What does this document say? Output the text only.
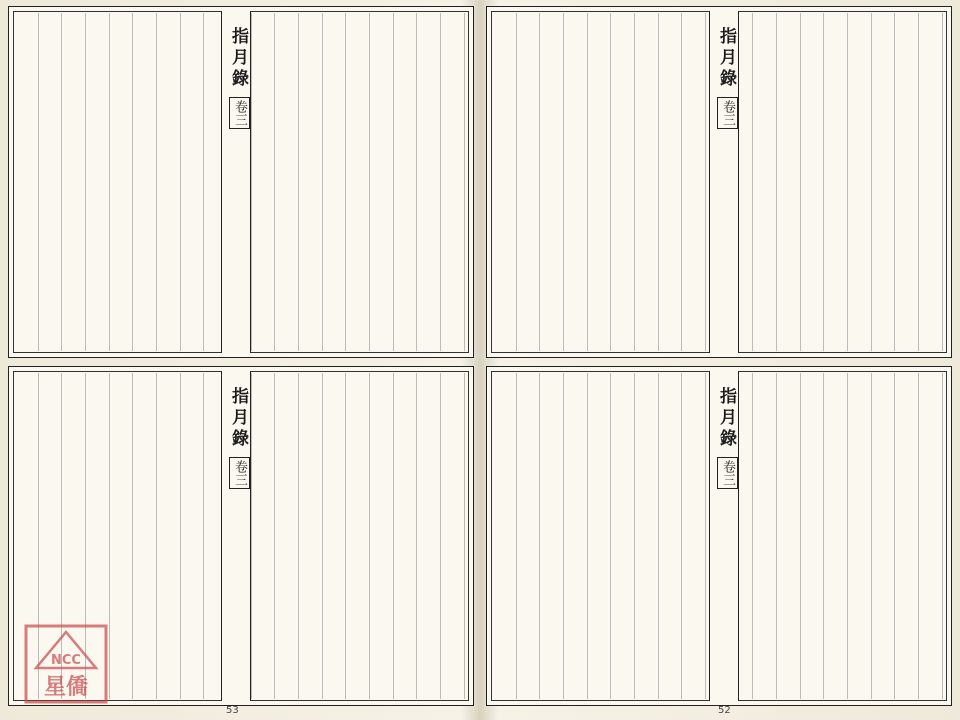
指月錄
卷三
指月錄
卷三
53
NCC
星僑
指月錄
卷三
指月錄
卷三
52
